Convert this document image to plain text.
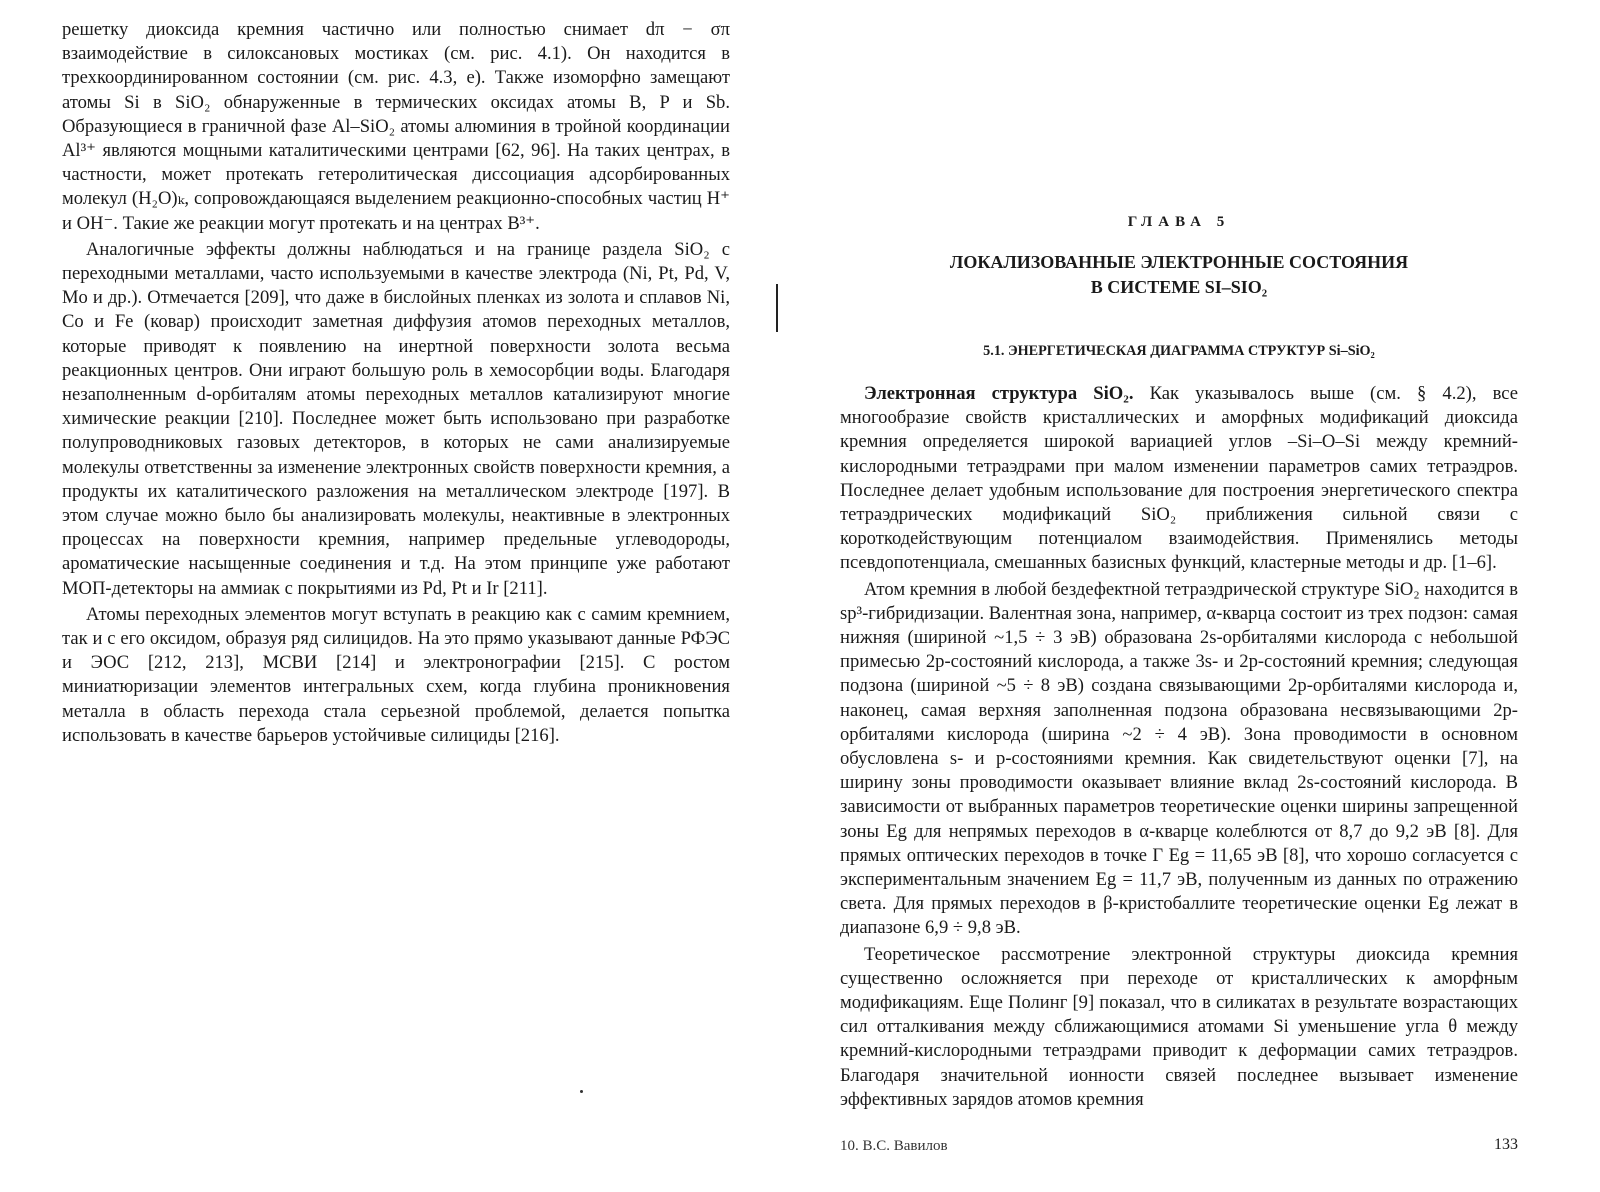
решетку диоксида кремния частично или полностью снимает dπ − σπ взаимодействие в силоксановых мостиках (см. рис. 4.1). Он находится в трехкоординированном состоянии (см. рис. 4.3, е). Также изоморфно замещают атомы Si в SiO₂ обнаруженные в термических оксидах атомы B, P и Sb. Образующиеся в граничной фазе Al–SiO₂ атомы алюминия в тройной координации Al³⁺ являются мощными каталитическими центрами [62, 96]. На таких центрах, в частности, может протекать гетеролитическая диссоциация адсорбированных молекул (H₂O)ₖ, сопровождающаяся выделением реакционно-способных частиц H⁺ и OH⁻. Такие же реакции могут протекать и на центрах B³⁺.

Аналогичные эффекты должны наблюдаться и на границе раздела SiO₂ с переходными металлами, часто используемыми в качестве электрода (Ni, Pt, Pd, V, Mo и др.). Отмечается [209], что даже в бислойных пленках из золота и сплавов Ni, Co и Fe (ковар) происходит заметная диффузия атомов переходных металлов, которые приводят к появлению на инертной поверхности золота весьма реакционных центров. Они играют большую роль в хемосорбции воды. Благодаря незаполненным d-орбиталям атомы переходных металлов катализируют многие химические реакции [210]. Последнее может быть использовано при разработке полупроводниковых газовых детекторов, в которых не сами анализируемые молекулы ответственны за изменение электронных свойств поверхности кремния, а продукты их каталитического разложения на металлическом электроде [197]. В этом случае можно было бы анализировать молекулы, неактивные в электронных процессах на поверхности кремния, например предельные углеводороды, ароматические насыщенные соединения и т.д. На этом принципе уже работают МОП-детекторы на аммиак с покрытиями из Pd, Pt и Ir [211].

Атомы переходных элементов могут вступать в реакцию как с самим кремнием, так и с его оксидом, образуя ряд силицидов. На это прямо указывают данные РФЭС и ЭОС [212, 213], МСВИ [214] и электронографии [215]. С ростом миниатюризации элементов интегральных схем, когда глубина проникновения металла в область перехода стала серьезной проблемой, делается попытка использовать в качестве барьеров устойчивые силициды [216].

ГЛАВА 5
ЛОКАЛИЗОВАННЫЕ ЭЛЕКТРОННЫЕ СОСТОЯНИЯ
В СИСТЕМЕ SI–SIO₂
5.1. ЭНЕРГЕТИЧЕСКАЯ ДИАГРАММА СТРУКТУР Si–SiO₂

Электронная структура SiO₂. Как указывалось выше (см. § 4.2), все многообразие свойств кристаллических и аморфных модификаций диоксида кремния определяется широкой вариацией углов –Si–O–Si между кремний-кислородными тетраэдрами при малом изменении параметров самих тетраэдров. Последнее делает удобным использование для построения энергетического спектра тетраэдрических модификаций SiO₂ приближения сильной связи с короткодействующим потенциалом взаимодействия. Применялись методы псевдопотенциала, смешанных базисных функций, кластерные методы и др. [1–6].

Атом кремния в любой бездефектной тетраэдрической структуре SiO₂ находится в sp³-гибридизации. Валентная зона, например, α-кварца состоит из трех подзон: самая нижняя (шириной ~1,5 ÷ 3 эВ) образована 2s-орбиталями кислорода с небольшой примесью 2p-состояний кислорода, а также 3s- и 2p-состояний кремния; следующая подзона (шириной ~5 ÷ 8 эВ) создана связывающими 2p-орбиталями кислорода и, наконец, самая верхняя заполненная подзона образована несвязывающими 2p-орбиталями кислорода (ширина ~2 ÷ 4 эВ). Зона проводимости в основном обусловлена s- и p-состояниями кремния. Как свидетельствуют оценки [7], на ширину зоны проводимости оказывает влияние вклад 2s-состояний кислорода. В зависимости от выбранных параметров теоретические оценки ширины запрещенной зоны Eg для непрямых переходов в α-кварце колеблются от 8,7 до 9,2 эВ [8]. Для прямых оптических переходов в точке Γ Eg = 11,65 эВ [8], что хорошо согласуется с экспериментальным значением Eg = 11,7 эВ, полученным из данных по отражению света. Для прямых переходов в β-кристобаллите теоретические оценки Eg лежат в диапазоне 6,9 ÷ 9,8 эВ.

Теоретическое рассмотрение электронной структуры диоксида кремния существенно осложняется при переходе от кристаллических к аморфным модификациям. Еще Полинг [9] показал, что в силикатах в результате возрастающих сил отталкивания между сближающимися атомами Si уменьшение угла θ между кремний-кислородными тетраэдрами приводит к деформации самих тетраэдров. Благодаря значительной ионности связей последнее вызывает изменение эффективных зарядов атомов кремния

10. В.С. Вавилов	133
